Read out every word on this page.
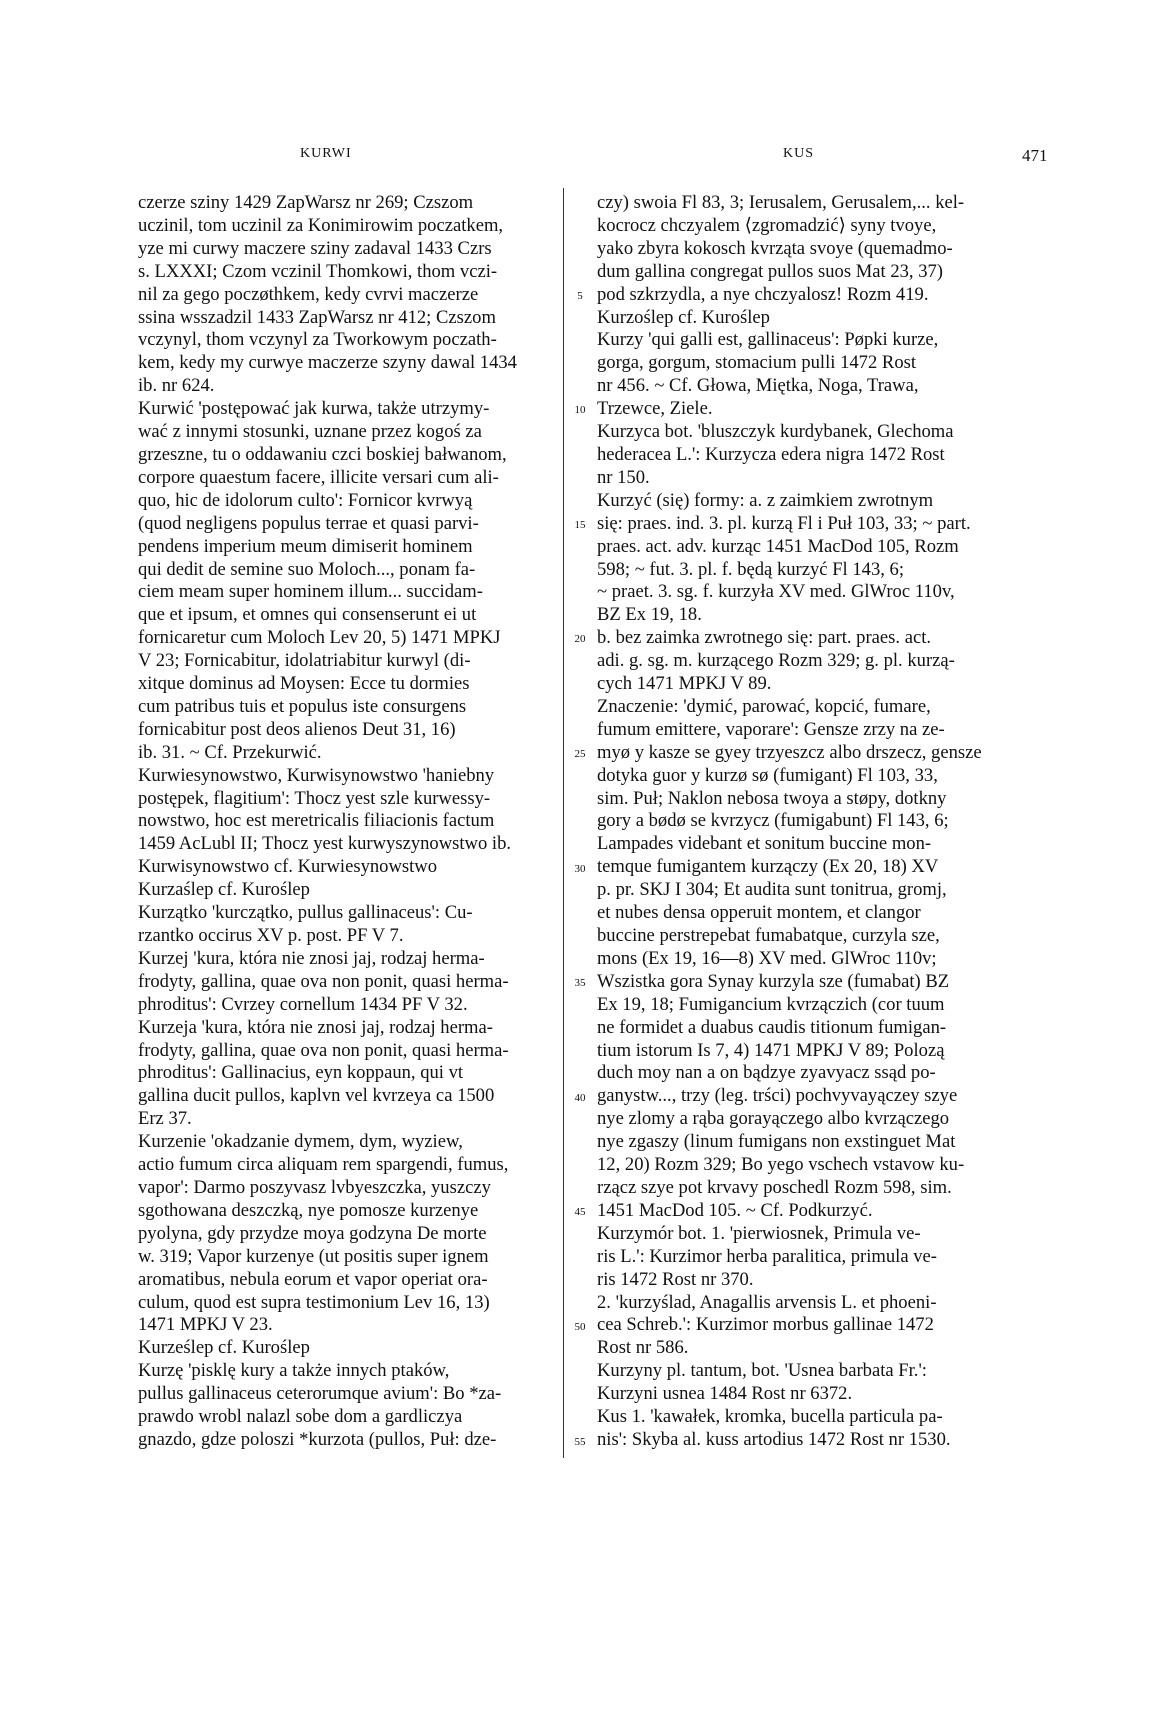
KURWI	KUS	471
czerze sziny 1429 ZapWarsz nr 269; Czszom
uczinil, tom uczinil za Konimirowim poczatkem,
yze mi curwy maczere sziny zadaval 1433 Czrs
s. LXXXI; Czom vczinil Thomkowi, thom vczi-
nil za gego poczøthkem, kedy cvrvi maczerze
ssina wsszadzil 1433 ZapWarsz nr 412; Czszom
vczynyl, thom vczynyl za Tworkowym poczath-
kem, kedy my curwye maczerze szyny dawal 1434
ib. nr 624.
Kurwić 'postępować jak kurwa, także utrzymy-
wać z innymi stosunki, uznane przez kogoś za
grzeszne, tu o oddawaniu czci boskiej bałwanom,
corpore quaestum facere, illicite versari cum ali-
quo, hic de idolorum culto': Fornicor kvrwyą
(quod negligens populus terrae et quasi parvi-
pendens imperium meum dimiserit hominem
qui dedit de semine suo Moloch..., ponam fa-
ciem meam super hominem illum... succidam-
que et ipsum, et omnes qui consenserunt ei ut
fornicaretur cum Moloch Lev 20, 5) 1471 MPKJ
V 23; Fornicabitur, idolatriabitur kurwyl (di-
xitque dominus ad Moysen: Ecce tu dormies
cum patribus tuis et populus iste consurgens
fornicabitur post deos alienos Deut 31, 16)
ib. 31. ~ Cf. Przekurwić.
Kurwiesynowstwo, Kurwisynowstwo 'haniebny
postępek, flagitium': Thocz yest szle kurwessy-
nowstwo, hoc est meretricalis filiacionis factum
1459 AcLubl II; Thocz yest kurwyszynowstwo ib.
Kurwisynowstwo cf. Kurwiesynowstwo
Kurzaślep cf. Kuroślep
Kurzątko 'kurczątko, pullus gallinaceus': Cu-
rzantko occirus XV p. post. PF V 7.
Kurzej 'kura, która nie znosi jaj, rodzaj herma-
frodyty, gallina, quae ova non ponit, quasi herma-
phroditus': Cvrzey cornellum 1434 PF V 32.
Kurzeja 'kura, która nie znosi jaj, rodzaj herma-
frodyty, gallina, quae ova non ponit, quasi herma-
phroditus': Gallinacius, eyn koppaun, qui vt
gallina ducit pullos, kaplvn vel kvrzeya ca 1500
Erz 37.
Kurzenie 'okadzanie dymem, dym, wyziew,
actio fumum circa aliquam rem spargendi, fumus,
vapor': Darmo poszyvasz lvbyeszczka, yuszczy
sgothowana deszczką, nye pomosze kurzenye
pyolyna, gdy przydze moya godzyna De morte
w. 319; Vapor kurzenye (ut positis super ignem
aromatibus, nebula eorum et vapor operiat ora-
culum, quod est supra testimonium Lev 16, 13)
1471 MPKJ V 23.
Kurześlep cf. Kuroślep
Kurzę 'pisklę kury a także innych ptaków,
pullus gallinaceus ceterorumque avium': Bo *za-
prawdo wrobl nalazl sobe dom a gardliczya
gnazdo, gdze poloszi *kurzota (pullos, Puł: dze-
5
10
15
20
25
30
35
40
45
50
55
czy) swoia Fl 83, 3; Ierusalem, Gerusalem,... kel-
kocrocz chczyalem ⟨zgromadzić⟩ syny tvoye,
yako zbyra kokosch kvrząta svoye (quemadmo-
dum gallina congregat pullos suos Mat 23, 37)
pod szkrzydla, a nye chczyalosz! Rozm 419.
Kurzoślep cf. Kuroślep
Kurzy 'qui galli est, gallinaceus': Pøpki kurze,
gorga, gorgum, stomacium pulli 1472 Rost
nr 456. ~ Cf. Głowa, Miętka, Noga, Trawa,
Trzewce, Ziele.
Kurzyca bot. 'bluszczyk kurdybanek, Glechoma
hederacea L.': Kurzycza edera nigra 1472 Rost
nr 150.
Kurzyć (się) formy: a. z zaimkiem zwrotnym
się: praes. ind. 3. pl. kurzą Fl i Puł 103, 33; ~ part.
praes. act. adv. kurząc 1451 MacDod 105, Rozm
598; ~ fut. 3. pl. f. będą kurzyć Fl 143, 6;
~ praet. 3. sg. f. kurzyła XV med. GlWroc 110v,
BZ Ex 19, 18.
b. bez zaimka zwrotnego się: part. praes. act.
adi. g. sg. m. kurzącego Rozm 329; g. pl. kurzą-
cych 1471 MPKJ V 89.
Znaczenie: 'dymić, parować, kopcić, fumare,
fumum emittere, vaporare': Gensze zrzy na ze-
myø y kasze se gyey trzyeszcz albo drszecz, gensze
dotyka guor y kurzø sø (fumigant) Fl 103, 33,
sim. Puł; Naklon nebosa twoya a støpy, dotkny
gory a bødø se kvrzycz (fumigabunt) Fl 143, 6;
Lampades videbant et sonitum buccine mon-
temque fumigantem kurzączy (Ex 20, 18) XV
p. pr. SKJ I 304; Et audita sunt tonitrua, gromj,
et nubes densa opperuit montem, et clangor
buccine perstrepebat fumabatque, curzyla sze,
mons (Ex 19, 16—8) XV med. GlWroc 110v;
Wszistka gora Synay kurzyla sze (fumabat) BZ
Ex 19, 18; Fumigancium kvrzączich (cor tuum
ne formidet a duabus caudis titionum fumigan-
tium istorum Is 7, 4) 1471 MPKJ V 89; Polozą
duch moy nan a on bądzye zyavyacz ssąd po-
ganystw..., trzy (leg. trści) pochvyvayączey szye
nye zlomy a rąba gorayączego albo kvrzączego
nye zgaszy (linum fumigans non exstinguet Mat
12, 20) Rozm 329; Bo yego vschech vstavow ku-
rząсz szye pot krvavy poschedl Rozm 598, sim.
1451 MacDod 105. ~ Cf. Podkurzyć.
Kurzymór bot. 1. 'pierwiosnek, Primula ve-
ris L.': Kurzimor herba paralitica, primula ve-
ris 1472 Rost nr 370.
2. 'kurzyślad, Anagallis arvensis L. et phoeni-
cea Schreb.': Kurzimor morbus gallinae 1472
Rost nr 586.
Kurzyny pl. tantum, bot. 'Usnea barbata Fr.':
Kurzyni usnea 1484 Rost nr 6372.
Kus 1. 'kawałek, kromka, bucella particula pa-
nis': Skyba al. kuss artodius 1472 Rost nr 1530.
